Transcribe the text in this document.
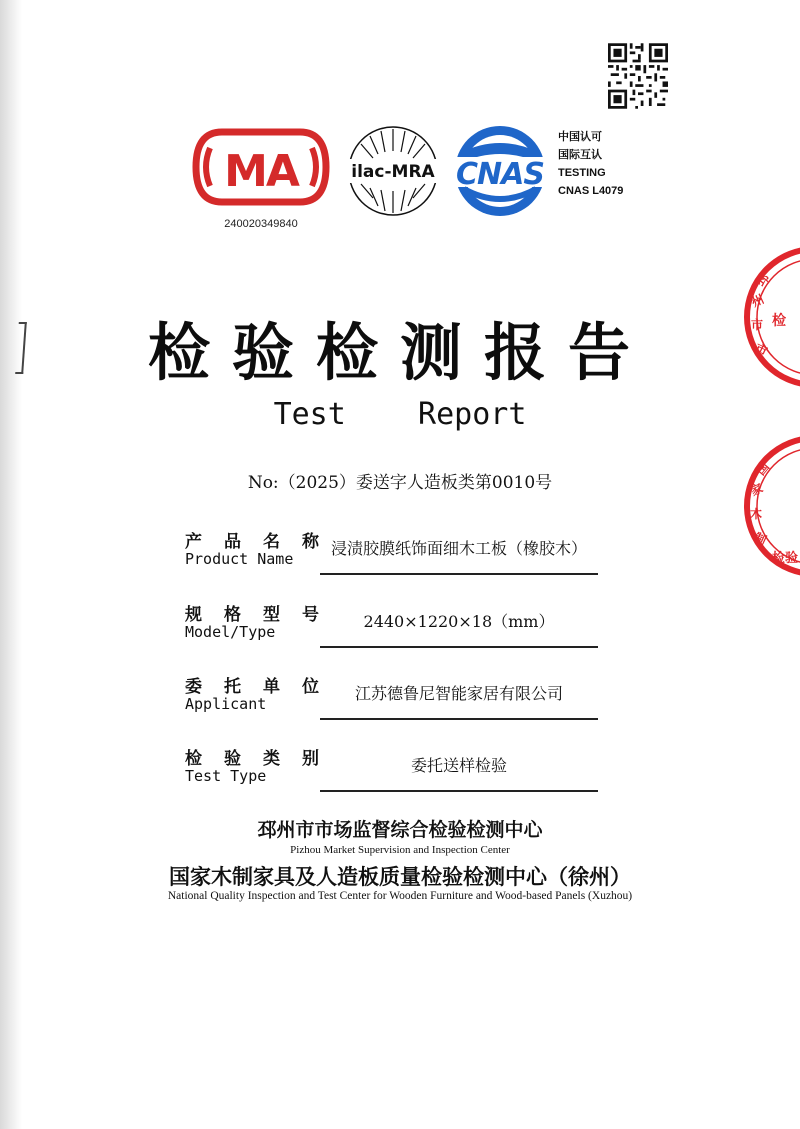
MA
240020349840
ilac-MRA CNAS
中国认可
国际互认
TESTING
CNAS L4079
邳
州
市
市
检
国
家
木
制
检验
检验检测报告
Test    Report
No:（2025）委送字人造板类第0010号
产 品 名 称
Product Name
浸渍胶膜纸饰面细木工板（橡胶木）
规 格 型 号
Model/Type
2440×1220×18（mm）
委 托 单 位
Applicant
江苏德鲁尼智能家居有限公司
检 验 类 别
Test Type
委托送样检验
邳州市市场监督综合检验检测中心
Pizhou Market Supervision and Inspection Center
国家木制家具及人造板质量检验检测中心（徐州）
National Quality Inspection and Test Center for Wooden Furniture and Wood-based Panels (Xuzhou)
